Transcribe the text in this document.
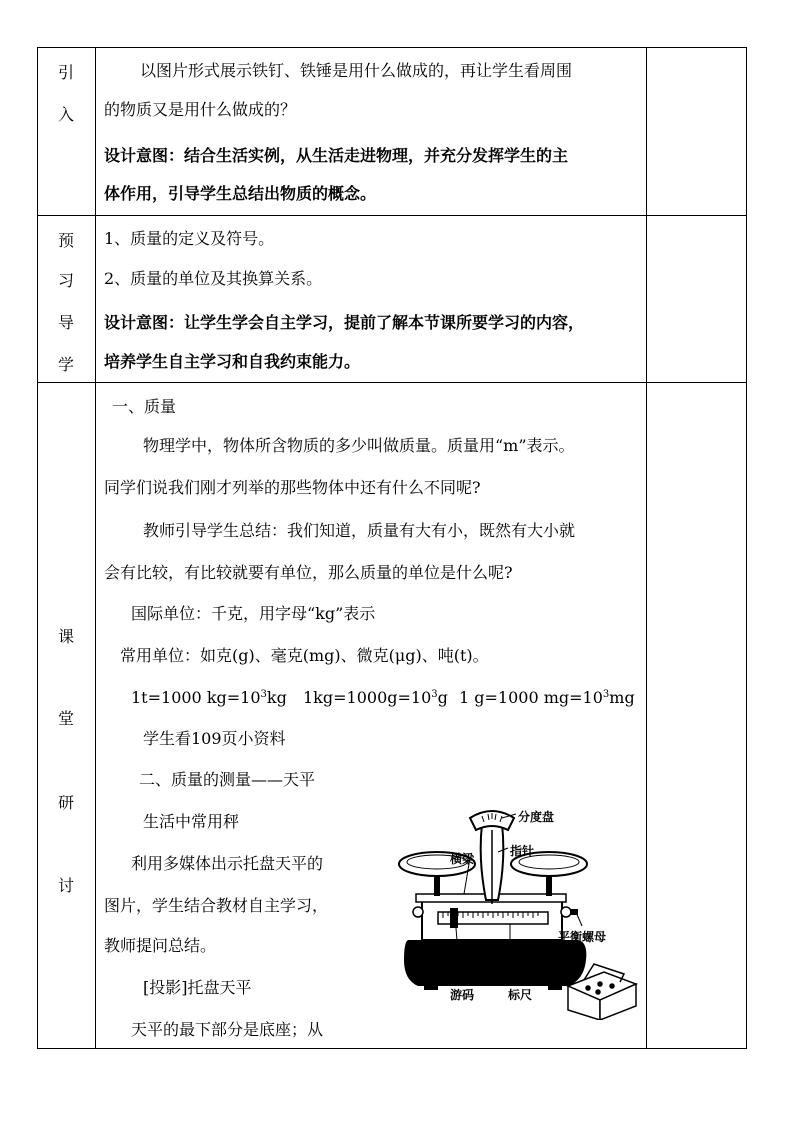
引
入
以图片形式展示铁钉、铁锤是用什么做成的，再让学生看周围
的物质又是用什么做成的？
设计意图：结合生活实例，从生活走进物理，并充分发挥学生的主
体作用，引导学生总结出物质的概念。
预
习
导
学
1、质量的定义及符号。
2、质量的单位及其换算关系。
设计意图：让学生学会自主学习，提前了解本节课所要学习的内容，
培养学生自主学习和自我约束能力。
课
堂
研
讨
一、质量
物理学中，物体所含物质的多少叫做质量。质量用“m”表示。
同学们说我们刚才列举的那些物体中还有什么不同呢?
教师引导学生总结：我们知道，质量有大有小，既然有大小就
会有比较，有比较就要有单位，那么质量的单位是什么呢?
国际单位：千克，用字母“kg”表示
常用单位：如克(g)、毫克(mg)、微克(μg)、吨(t)。
1t=1000 $kg=10^3kg$ $1kg=1000g=10^3g$ 1 g=1000 $mg=10^3mg$
学生看109页小资料
二、质量的测量——天平
生活中常用秤
利用多媒体出示托盘天平的
图片，学生结合教材自主学习，
教师提问总结。
[投影]托盘天平
天平的最下部分是底座；从
分度盘
横梁
指针
平衡螺母
游码	标尺
